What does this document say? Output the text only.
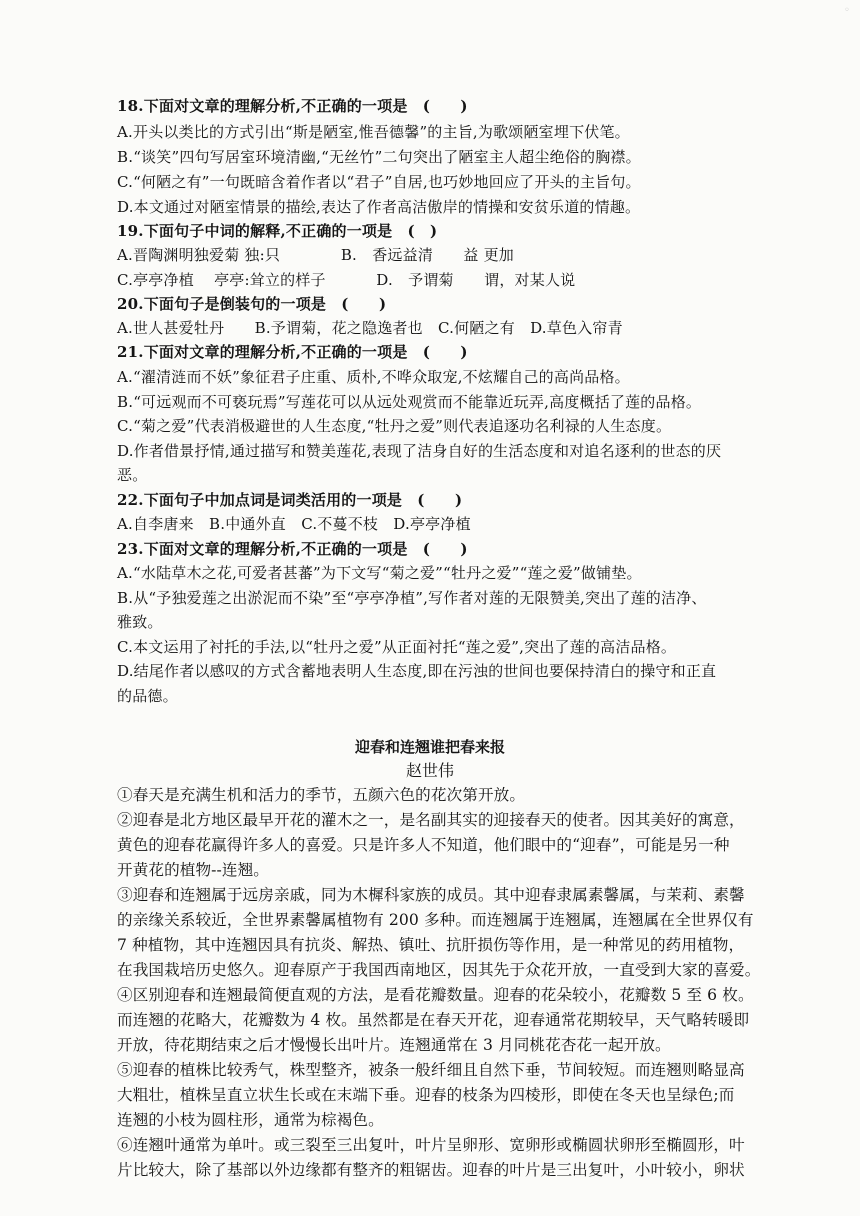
◦
18.下面对文章的理解分析,不正确的一项是　(　　)
A.开头以类比的方式引出“斯是陋室,惟吾德馨”的主旨,为歌颂陋室埋下伏笔。
B.“谈笑”四句写居室环境清幽,“无丝竹”二句突出了陋室主人超尘绝俗的胸襟。
C.“何陋之有”一句既暗含着作者以“君子”自居,也巧妙地回应了开头的主旨句。
D.本文通过对陋室情景的描绘,表达了作者高洁傲岸的情操和安贫乐道的情趣。
19.下面句子中词的解释,不正确的一项是　(　)
A.晋陶渊明独爱菊 独:只　　　　B.　香远益清　　益 更加
C.亭亭净植　 亭亭:耸立的样子　　　 D.　予谓菊　　谓，对某人说
20.下面句子是倒装句的一项是　(　　)
A.世人甚爱牡丹　　B.予谓菊，花之隐逸者也　C.何陋之有　D.草色入帘青
21.下面对文章的理解分析,不正确的一项是　(　　)
A.“濯清涟而不妖”象征君子庄重、质朴,不哗众取宠,不炫耀自己的高尚品格。
B.“可远观而不可亵玩焉”写莲花可以从远处观赏而不能靠近玩弄,高度概括了莲的品格。
C.“菊之爱”代表消极避世的人生态度,“牡丹之爱”则代表追逐功名利禄的人生态度。
D.作者借景抒情,通过描写和赞美莲花,表现了洁身自好的生活态度和对追名逐利的世态的厌
恶。
22.下面句子中加点词是词类活用的一项是　(　　)
A.自李唐来　B.中通外直　C.不蔓不枝　D.亭亭净植
23.下面对文章的理解分析,不正确的一项是　(　　)
A.“水陆草木之花,可爱者甚蕃”为下文写“菊之爱”“牡丹之爱”“莲之爱”做铺垫。
B.从“予独爱莲之出淤泥而不染”至“亭亭净植”,写作者对莲的无限赞美,突出了莲的洁净、
雅致。
C.本文运用了衬托的手法,以“牡丹之爱”从正面衬托“莲之爱”,突出了莲的高洁品格。
D.结尾作者以感叹的方式含蓄地表明人生态度,即在污浊的世间也要保持清白的操守和正直
的品德。
迎春和连翘谁把春来报
赵世伟
①春天是充满生机和活力的季节，五颜六色的花次第开放。
②迎春是北方地区最早开花的灌木之一，是名副其实的迎接春天的使者。因其美好的寓意，
黄色的迎春花赢得许多人的喜爱。只是许多人不知道，他们眼中的“迎春”，可能是另一种
开黄花的植物--连翘。
③迎春和连翘属于远房亲戚，同为木樨科家族的成员。其中迎春隶属素馨属，与茉莉、素馨
的亲缘关系较近，全世界素馨属植物有 200 多种。而连翘属于连翘属，连翘属在全世界仅有
7 种植物，其中连翘因具有抗炎、解热、镇吐、抗肝损伤等作用，是一种常见的药用植物，
在我国栽培历史悠久。迎春原产于我国西南地区，因其先于众花开放，一直受到大家的喜爱。
④区别迎春和连翘最简便直观的方法，是看花瓣数量。迎春的花朵较小，花瓣数 5 至 6 枚。
而连翘的花略大，花瓣数为 4 枚。虽然都是在春天开花，迎春通常花期较早，天气略转暖即
开放，待花期结束之后才慢慢长出叶片。连翘通常在 3 月同桃花杏花一起开放。
⑤迎春的植株比较秀气，株型整齐，被条一般纤细且自然下垂，节间较短。而连翘则略显高
大粗壮，植株呈直立状生长或在末端下垂。迎春的枝条为四棱形，即使在冬天也呈绿色;而
连翘的小枝为圆柱形，通常为棕褐色。
⑥连翘叶通常为单叶。或三裂至三出复叶，叶片呈卵形、宽卵形或椭圆状卵形至椭圆形，叶
片比较大，除了基部以外边缘都有整齐的粗锯齿。迎春的叶片是三出复叶，小叶较小，卵状
